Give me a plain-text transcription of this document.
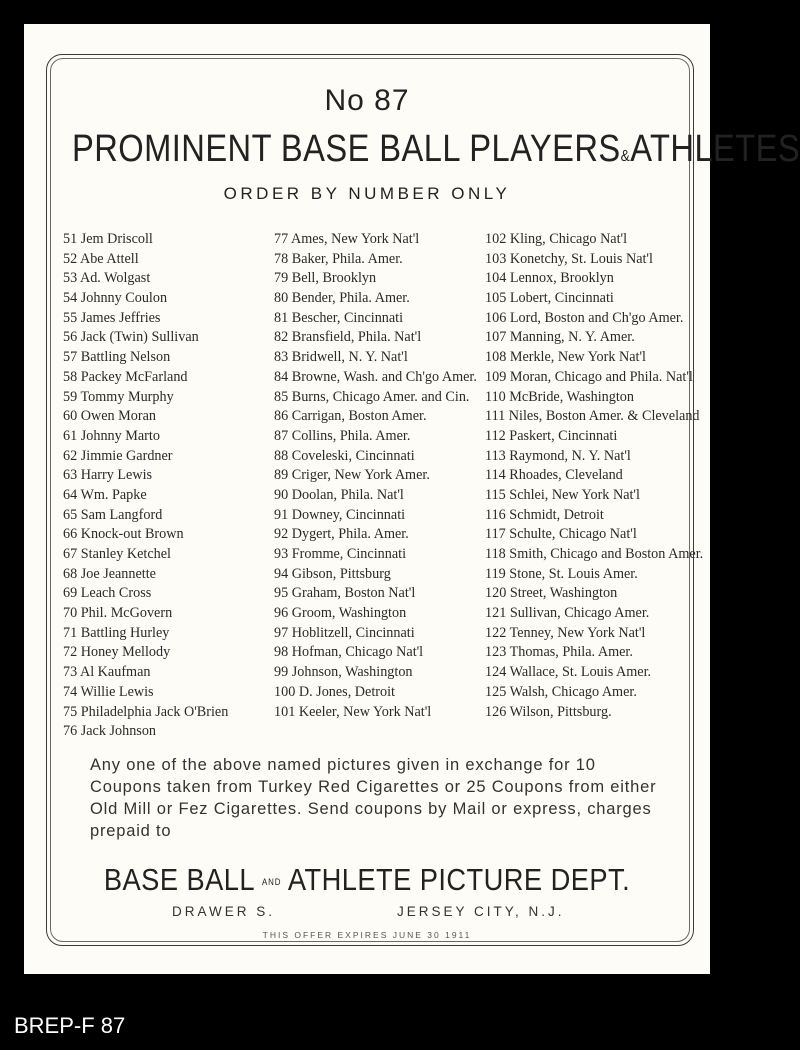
No 87
PROMINENT BASE BALL PLAYERS&ATHLETES
ORDER BY NUMBER ONLY
51 Jem Driscoll
52 Abe Attell
53 Ad. Wolgast
54 Johnny Coulon
55 James Jeffries
56 Jack (Twin) Sullivan
57 Battling Nelson
58 Packey McFarland
59 Tommy Murphy
60 Owen Moran
61 Johnny Marto
62 Jimmie Gardner
63 Harry Lewis
64 Wm. Papke
65 Sam Langford
66 Knock-out Brown
67 Stanley Ketchel
68 Joe Jeannette
69 Leach Cross
70 Phil. McGovern
71 Battling Hurley
72 Honey Mellody
73 Al Kaufman
74 Willie Lewis
75 Philadelphia Jack O'Brien
76 Jack Johnson
77 Ames, New York Nat'l
78 Baker, Phila. Amer.
79 Bell, Brooklyn
80 Bender, Phila. Amer.
81 Bescher, Cincinnati
82 Bransfield, Phila. Nat'l
83 Bridwell, N. Y. Nat'l
84 Browne, Wash. and Ch'go Amer.
85 Burns, Chicago Amer. and Cin.
86 Carrigan, Boston Amer.
87 Collins, Phila. Amer.
88 Coveleski, Cincinnati
89 Criger, New York Amer.
90 Doolan, Phila. Nat'l
91 Downey, Cincinnati
92 Dygert, Phila. Amer.
93 Fromme, Cincinnati
94 Gibson, Pittsburg
95 Graham, Boston Nat'l
96 Groom, Washington
97 Hoblitzell, Cincinnati
98 Hofman, Chicago Nat'l
99 Johnson, Washington
100 D. Jones, Detroit
101 Keeler, New York Nat'l
102 Kling, Chicago Nat'l
103 Konetchy, St. Louis Nat'l
104 Lennox, Brooklyn
105 Lobert, Cincinnati
106 Lord, Boston and Ch'go Amer.
107 Manning, N. Y. Amer.
108 Merkle, New York Nat'l
109 Moran, Chicago and Phila. Nat'l
110 McBride, Washington
111 Niles, Boston Amer. & Cleveland
112 Paskert, Cincinnati
113 Raymond, N. Y. Nat'l
114 Rhoades, Cleveland
115 Schlei, New York Nat'l
116 Schmidt, Detroit
117 Schulte, Chicago Nat'l
118 Smith, Chicago and Boston Amer.
119 Stone, St. Louis Amer.
120 Street, Washington
121 Sullivan, Chicago Amer.
122 Tenney, New York Nat'l
123 Thomas, Phila. Amer.
124 Wallace, St. Louis Amer.
125 Walsh, Chicago Amer.
126 Wilson, Pittsburg.

Any one of the above named pictures given in exchange for 10 Coupons taken from Turkey Red Cigarettes or 25 Coupons from either Old Mill or Fez Cigarettes. Send coupons by Mail or express, charges prepaid to

BASE BALL AND ATHLETE PICTURE DEPT.
DRAWER S.	JERSEY CITY, N.J.
THIS OFFER EXPIRES JUNE 30 1911
BREP-F 87
